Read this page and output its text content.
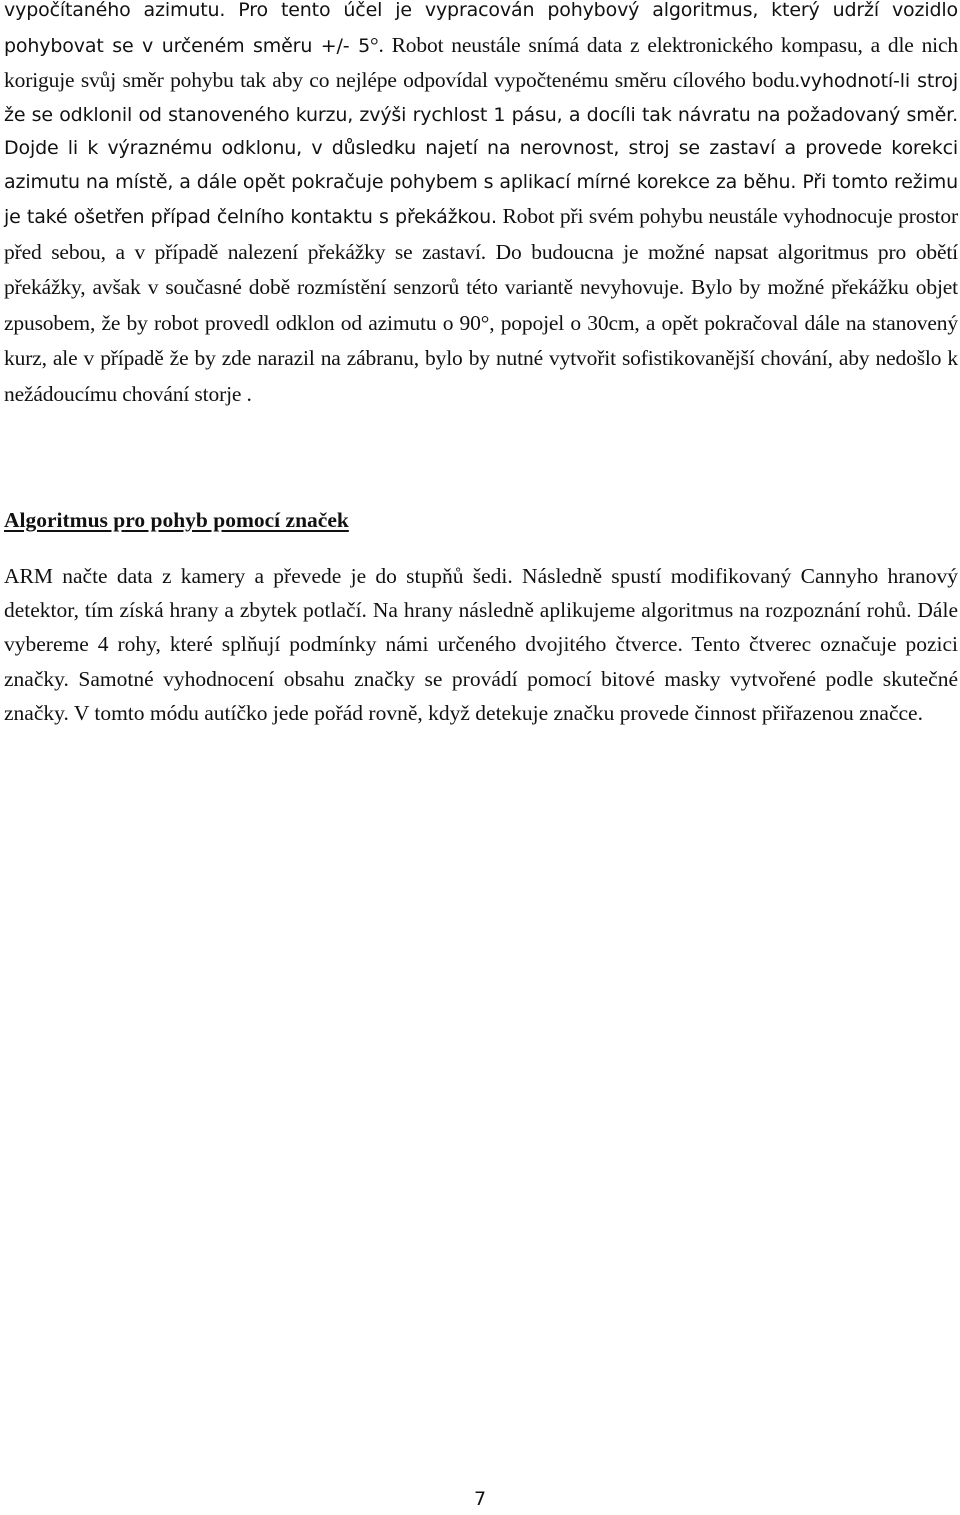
vypočítaného azimutu. Pro tento účel je vypracován pohybový algoritmus, který udrží vozidlo pohybovat se v určeném směru +/- 5°. Robot neustále snímá data z elektronického kompasu, a dle nich koriguje svůj směr pohybu tak aby co nejlépe odpovídal vypočtenému směru cílového bodu.vyhodnotí-li stroj že se odklonil od stanoveného kurzu, zvýši rychlost 1 pásu, a docíli tak návratu na požadovaný směr. Dojde li k výraznému odklonu, v důsledku najetí na nerovnost, stroj se zastaví a provede korekci azimutu na místě, a dále opět pokračuje pohybem s aplikací mírné korekce za běhu. Při tomto režimu je také ošetřen případ čelního kontaktu s překážkou. Robot při svém pohybu neustále vyhodnocuje prostor před sebou, a v případě nalezení překážky se zastaví. Do budoucna je možné napsat algoritmus pro obětí překážky, avšak v současné době rozmístění senzorů této variantě nevyhovuje. Bylo by možné překážku objet zpusobem, že by robot provedl odklon od azimutu o 90°, popojel o 30cm, a opět pokračoval dále na stanovený kurz, ale v případě že by zde narazil na zábranu, bylo by nutné vytvořit sofistikovanější chování, aby nedošlo k nežádoucímu chování storje .

Algoritmus pro pohyb pomocí značek

ARM načte data z kamery a převede je do stupňů šedi. Následně spustí modifikovaný Cannyho hranový detektor, tím získá hrany a zbytek potlačí. Na hrany následně aplikujeme algoritmus na rozpoznání rohů. Dále vybereme 4 rohy, které splňují podmínky námi určeného dvojitého čtverce. Tento čtverec označuje pozici značky. Samotné vyhodnocení obsahu značky se provádí pomocí bitové masky vytvořené podle skutečné značky. V tomto módu autíčko jede pořád rovně, když detekuje značku provede činnost přiřazenou značce.

7
